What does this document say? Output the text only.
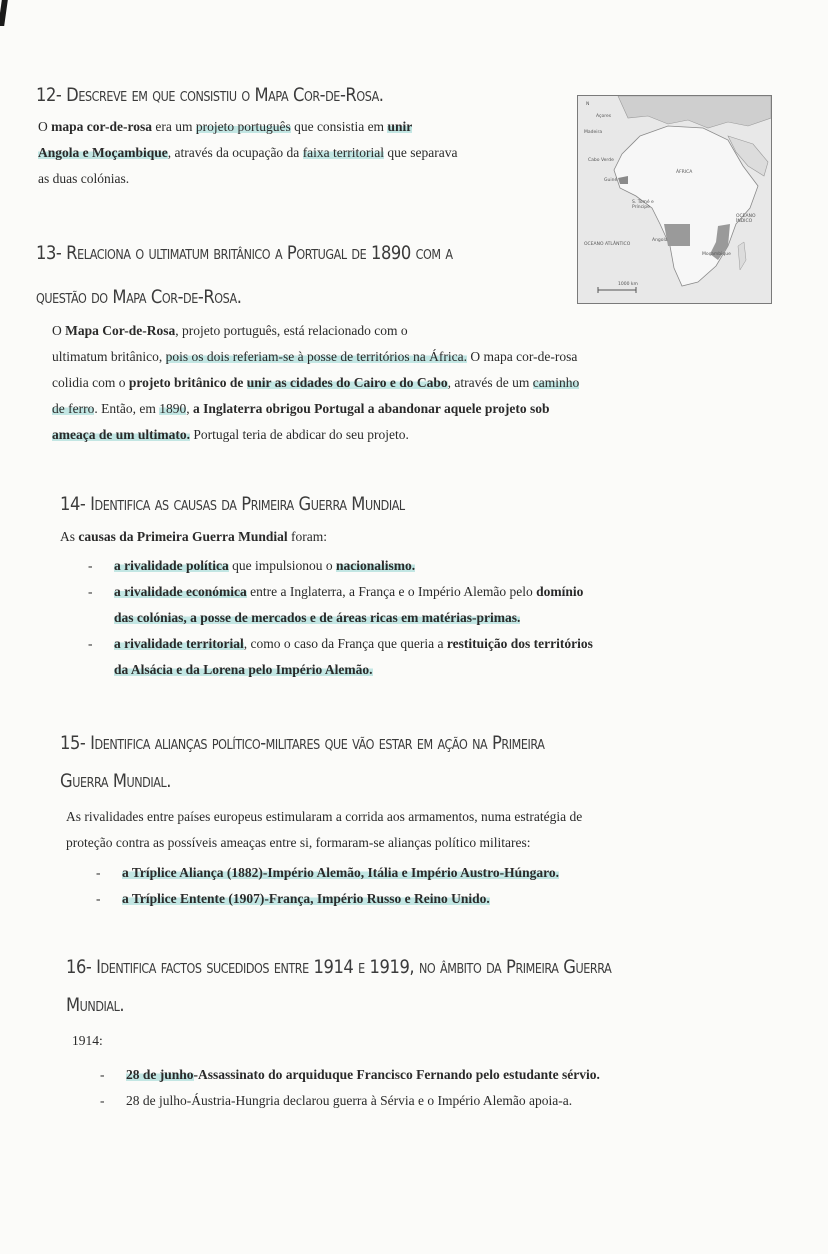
12- Descreve em que consistiu o Mapa Cor-de-Rosa.
O mapa cor-de-rosa era um projeto português que consistia em unir
Angola e Moçambique, através da ocupação da faixa territorial que separava
as duas colónias.
N
Açores
Madeira
Cabo Verde
Guiné
ÁFRICA
S. Tomé e Príncipe
OCEANO ATLÂNTICO
Angola
OCEANO ÍNDICO
Moçambique
1000 km
13- Relaciona o ultimatum britânico a Portugal de 1890 com a
questão do Mapa Cor-de-Rosa.
O Mapa Cor-de-Rosa, projeto português, está relacionado com o
ultimatum britânico, pois os dois referiam-se à posse de territórios na África. O mapa cor-de-rosa
colidia com o projeto britânico de unir as cidades do Cairo e do Cabo, através de um caminho
de ferro. Então, em 1890, a Inglaterra obrigou Portugal a abandonar aquele projeto sob
ameaça de um ultimato. Portugal teria de abdicar do seu projeto.
14- Identifica as causas da Primeira Guerra Mundial
As causas da Primeira Guerra Mundial foram:
- a rivalidade política que impulsionou o nacionalismo.
- a rivalidade económica entre a Inglaterra, a França e o Império Alemão pelo domínio
das colónias, a posse de mercados e de áreas ricas em matérias-primas.
- a rivalidade territorial, como o caso da França que queria a restituição dos territórios
da Alsácia e da Lorena pelo Império Alemão.
15- Identifica alianças político-militares que vão estar em ação na Primeira
Guerra Mundial.
As rivalidades entre países europeus estimularam a corrida aos armamentos, numa estratégia de
proteção contra as possíveis ameaças entre si, formaram-se alianças político militares:
- a Tríplice Aliança (1882)-Império Alemão, Itália e Império Austro-Húngaro.
- a Tríplice Entente (1907)-França, Império Russo e Reino Unido.
16- Identifica factos sucedidos entre 1914 e 1919, no âmbito da Primeira Guerra
Mundial.
1914:
- 28 de junho-Assassinato do arquiduque Francisco Fernando pelo estudante sérvio.
- 28 de julho-Áustria-Hungria declarou guerra à Sérvia e o Império Alemão apoia-a.
